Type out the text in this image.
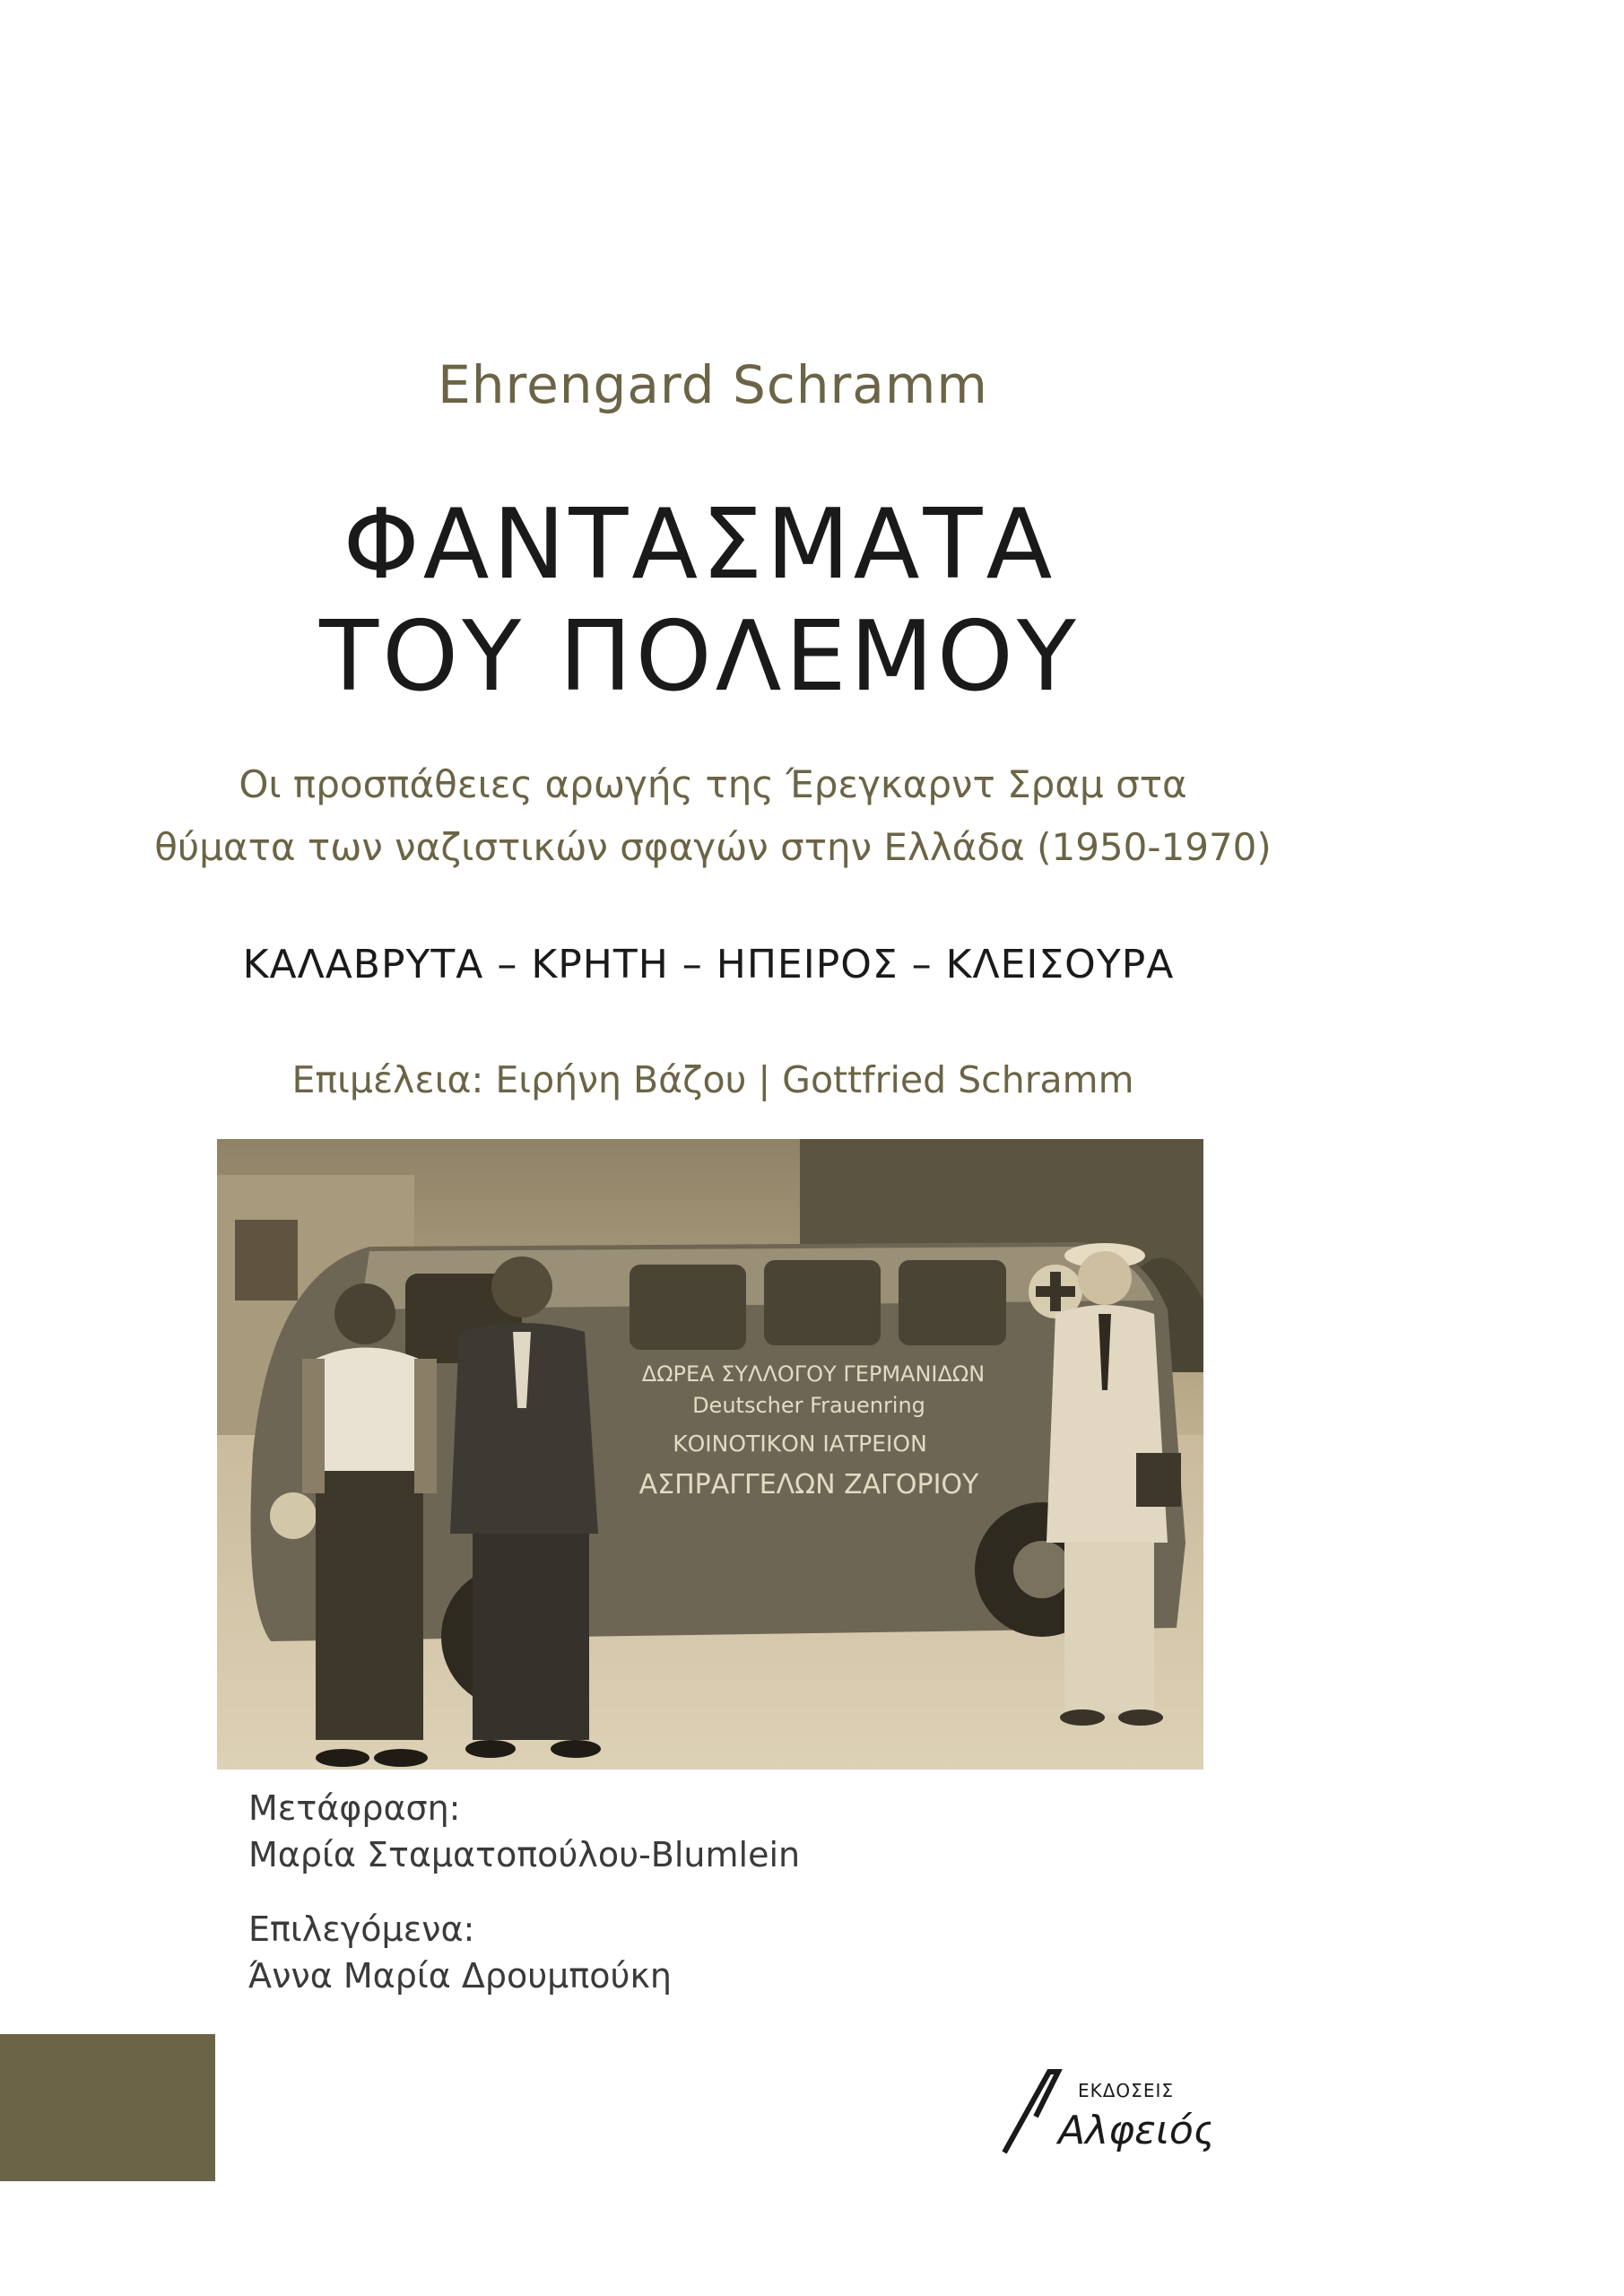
Ehrengard Schramm
ΦΑΝΤΑΣΜΑΤΑ
ΤΟΥ ΠΟΛΕΜΟΥ
Οι προσπάθειες αρωγής της Έρεγκαρντ Σραμ στα
θύματα των ναζιστικών σφαγών στην Ελλάδα (1950-1970)
ΚΑΛΑΒΡΥΤΑ – ΚΡΗΤΗ – ΗΠΕΙΡΟΣ – ΚΛΕΙΣΟΥΡΑ
Επιμέλεια: Ειρήνη Βάζου | Gottfried Schramm
ΔΩΡΕΑ ΣΥΛΛΟΓΟΥ ΓΕΡΜΑΝΙΔΩΝ
Deutscher Frauenring
ΚΟΙΝΟΤΙΚΟΝ ΙΑΤΡΕΙΟΝ
ΑΣΠΡΑΓΓΕΛΩΝ ΖΑΓΟΡΙΟΥ
Μετάφραση:
Μαρία Σταματοπούλου-Blumlein
Επιλεγόμενα:
Άννα Μαρία Δρουμπούκη
ΕΚΔΟΣΕΙΣ
Αλφειός
